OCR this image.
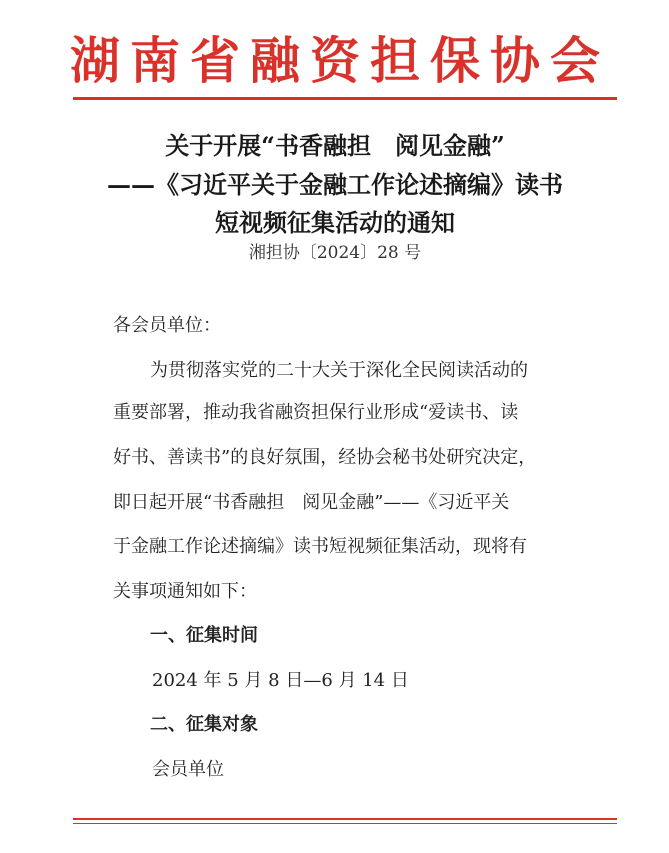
湖南省融资担保协会
关于开展“书香融担　阅见金融”
——《习近平关于金融工作论述摘编》读书
短视频征集活动的通知
湘担协〔2024〕28 号
各会员单位：
为贯彻落实党的二十大关于深化全民阅读活动的
重要部署，推动我省融资担保行业形成“爱读书、读
好书、善读书”的良好氛围，经协会秘书处研究决定，
即日起开展“书香融担　阅见金融”——《习近平关
于金融工作论述摘编》读书短视频征集活动，现将有
关事项通知如下：
一、征集时间
2024 年 5 月 8 日—6 月 14 日
二、征集对象
会员单位
